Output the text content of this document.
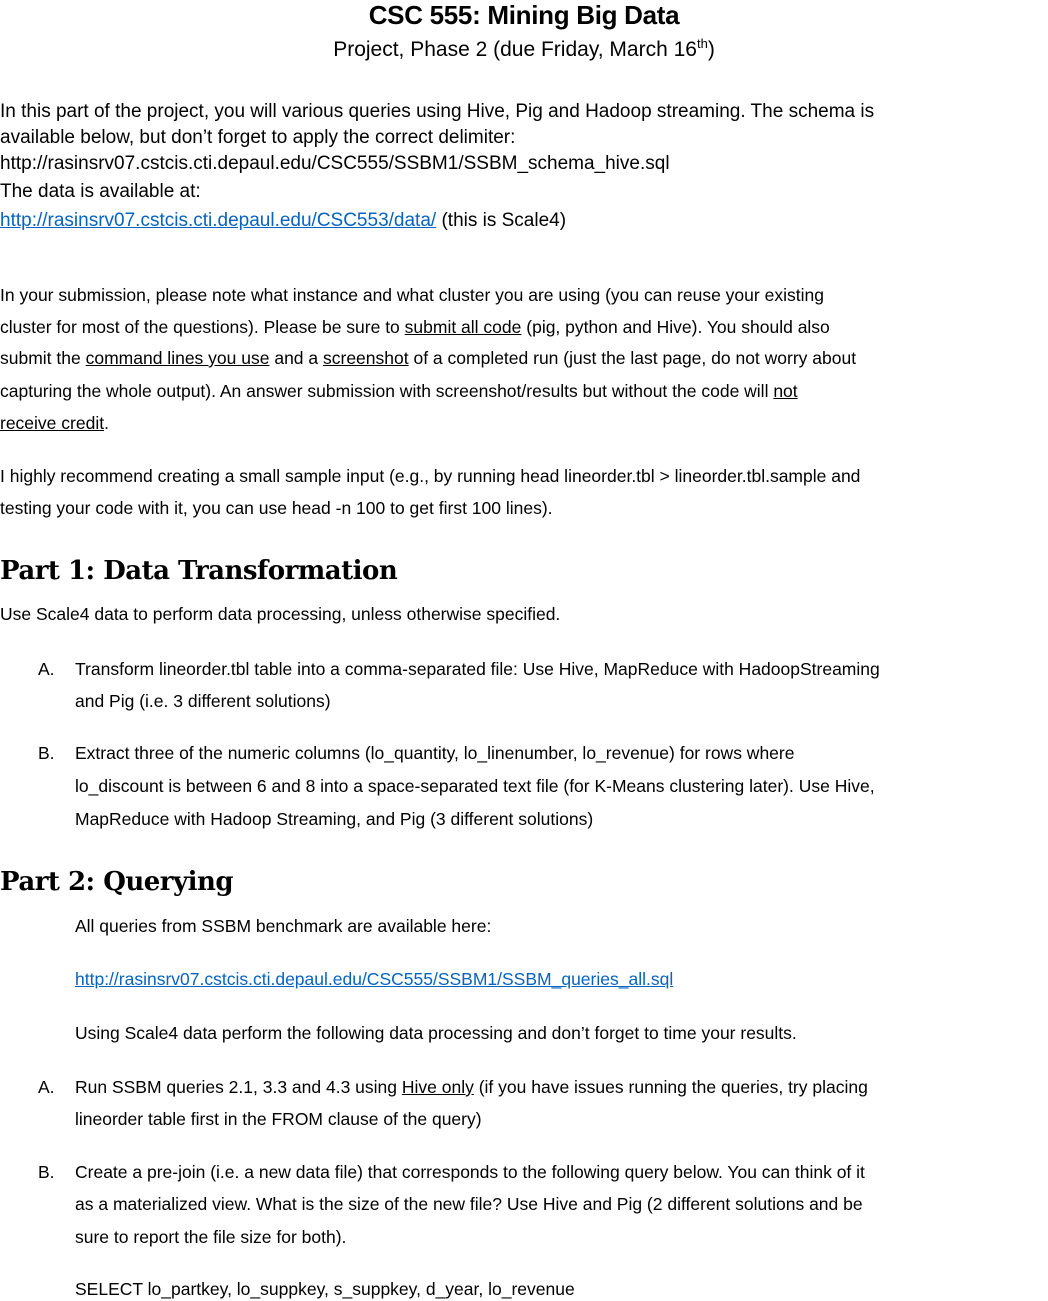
CSC 555: Mining Big Data
Project, Phase 2 (due Friday, March 16th)
In this part of the project, you will various queries using Hive, Pig and Hadoop streaming. The schema is
available below, but don’t forget to apply the correct delimiter:
http://rasinsrv07.cstcis.cti.depaul.edu/CSC555/SSBM1/SSBM_schema_hive.sql
The data is available at:
http://rasinsrv07.cstcis.cti.depaul.edu/CSC553/data/ (this is Scale4)
In your submission, please note what instance and what cluster you are using (you can reuse your existing
cluster for most of the questions). Please be sure to submit all code (pig, python and Hive). You should also
submit the command lines you use and a screenshot of a completed run (just the last page, do not worry about
capturing the whole output). An answer submission with screenshot/results but without the code will not
receive credit.
I highly recommend creating a small sample input (e.g., by running head lineorder.tbl > lineorder.tbl.sample and
testing your code with it, you can use head -n 100 to get first 100 lines).
Part 1: Data Transformation
Use Scale4 data to perform data processing, unless otherwise specified.
A. Transform lineorder.tbl table into a comma-separated file: Use Hive, MapReduce with HadoopStreaming
and Pig (i.e. 3 different solutions)
B. Extract three of the numeric columns (lo_quantity, lo_linenumber, lo_revenue) for rows where
lo_discount is between 6 and 8 into a space-separated text file (for K-Means clustering later). Use Hive,
MapReduce with Hadoop Streaming, and Pig (3 different solutions)
Part 2: Querying
All queries from SSBM benchmark are available here:
http://rasinsrv07.cstcis.cti.depaul.edu/CSC555/SSBM1/SSBM_queries_all.sql
Using Scale4 data perform the following data processing and don’t forget to time your results.
A. Run SSBM queries 2.1, 3.3 and 4.3 using Hive only (if you have issues running the queries, try placing
lineorder table first in the FROM clause of the query)
B. Create a pre-join (i.e. a new data file) that corresponds to the following query below. You can think of it
as a materialized view. What is the size of the new file? Use Hive and Pig (2 different solutions and be
sure to report the file size for both).
SELECT lo_partkey, lo_suppkey, s_suppkey, d_year, lo_revenue
